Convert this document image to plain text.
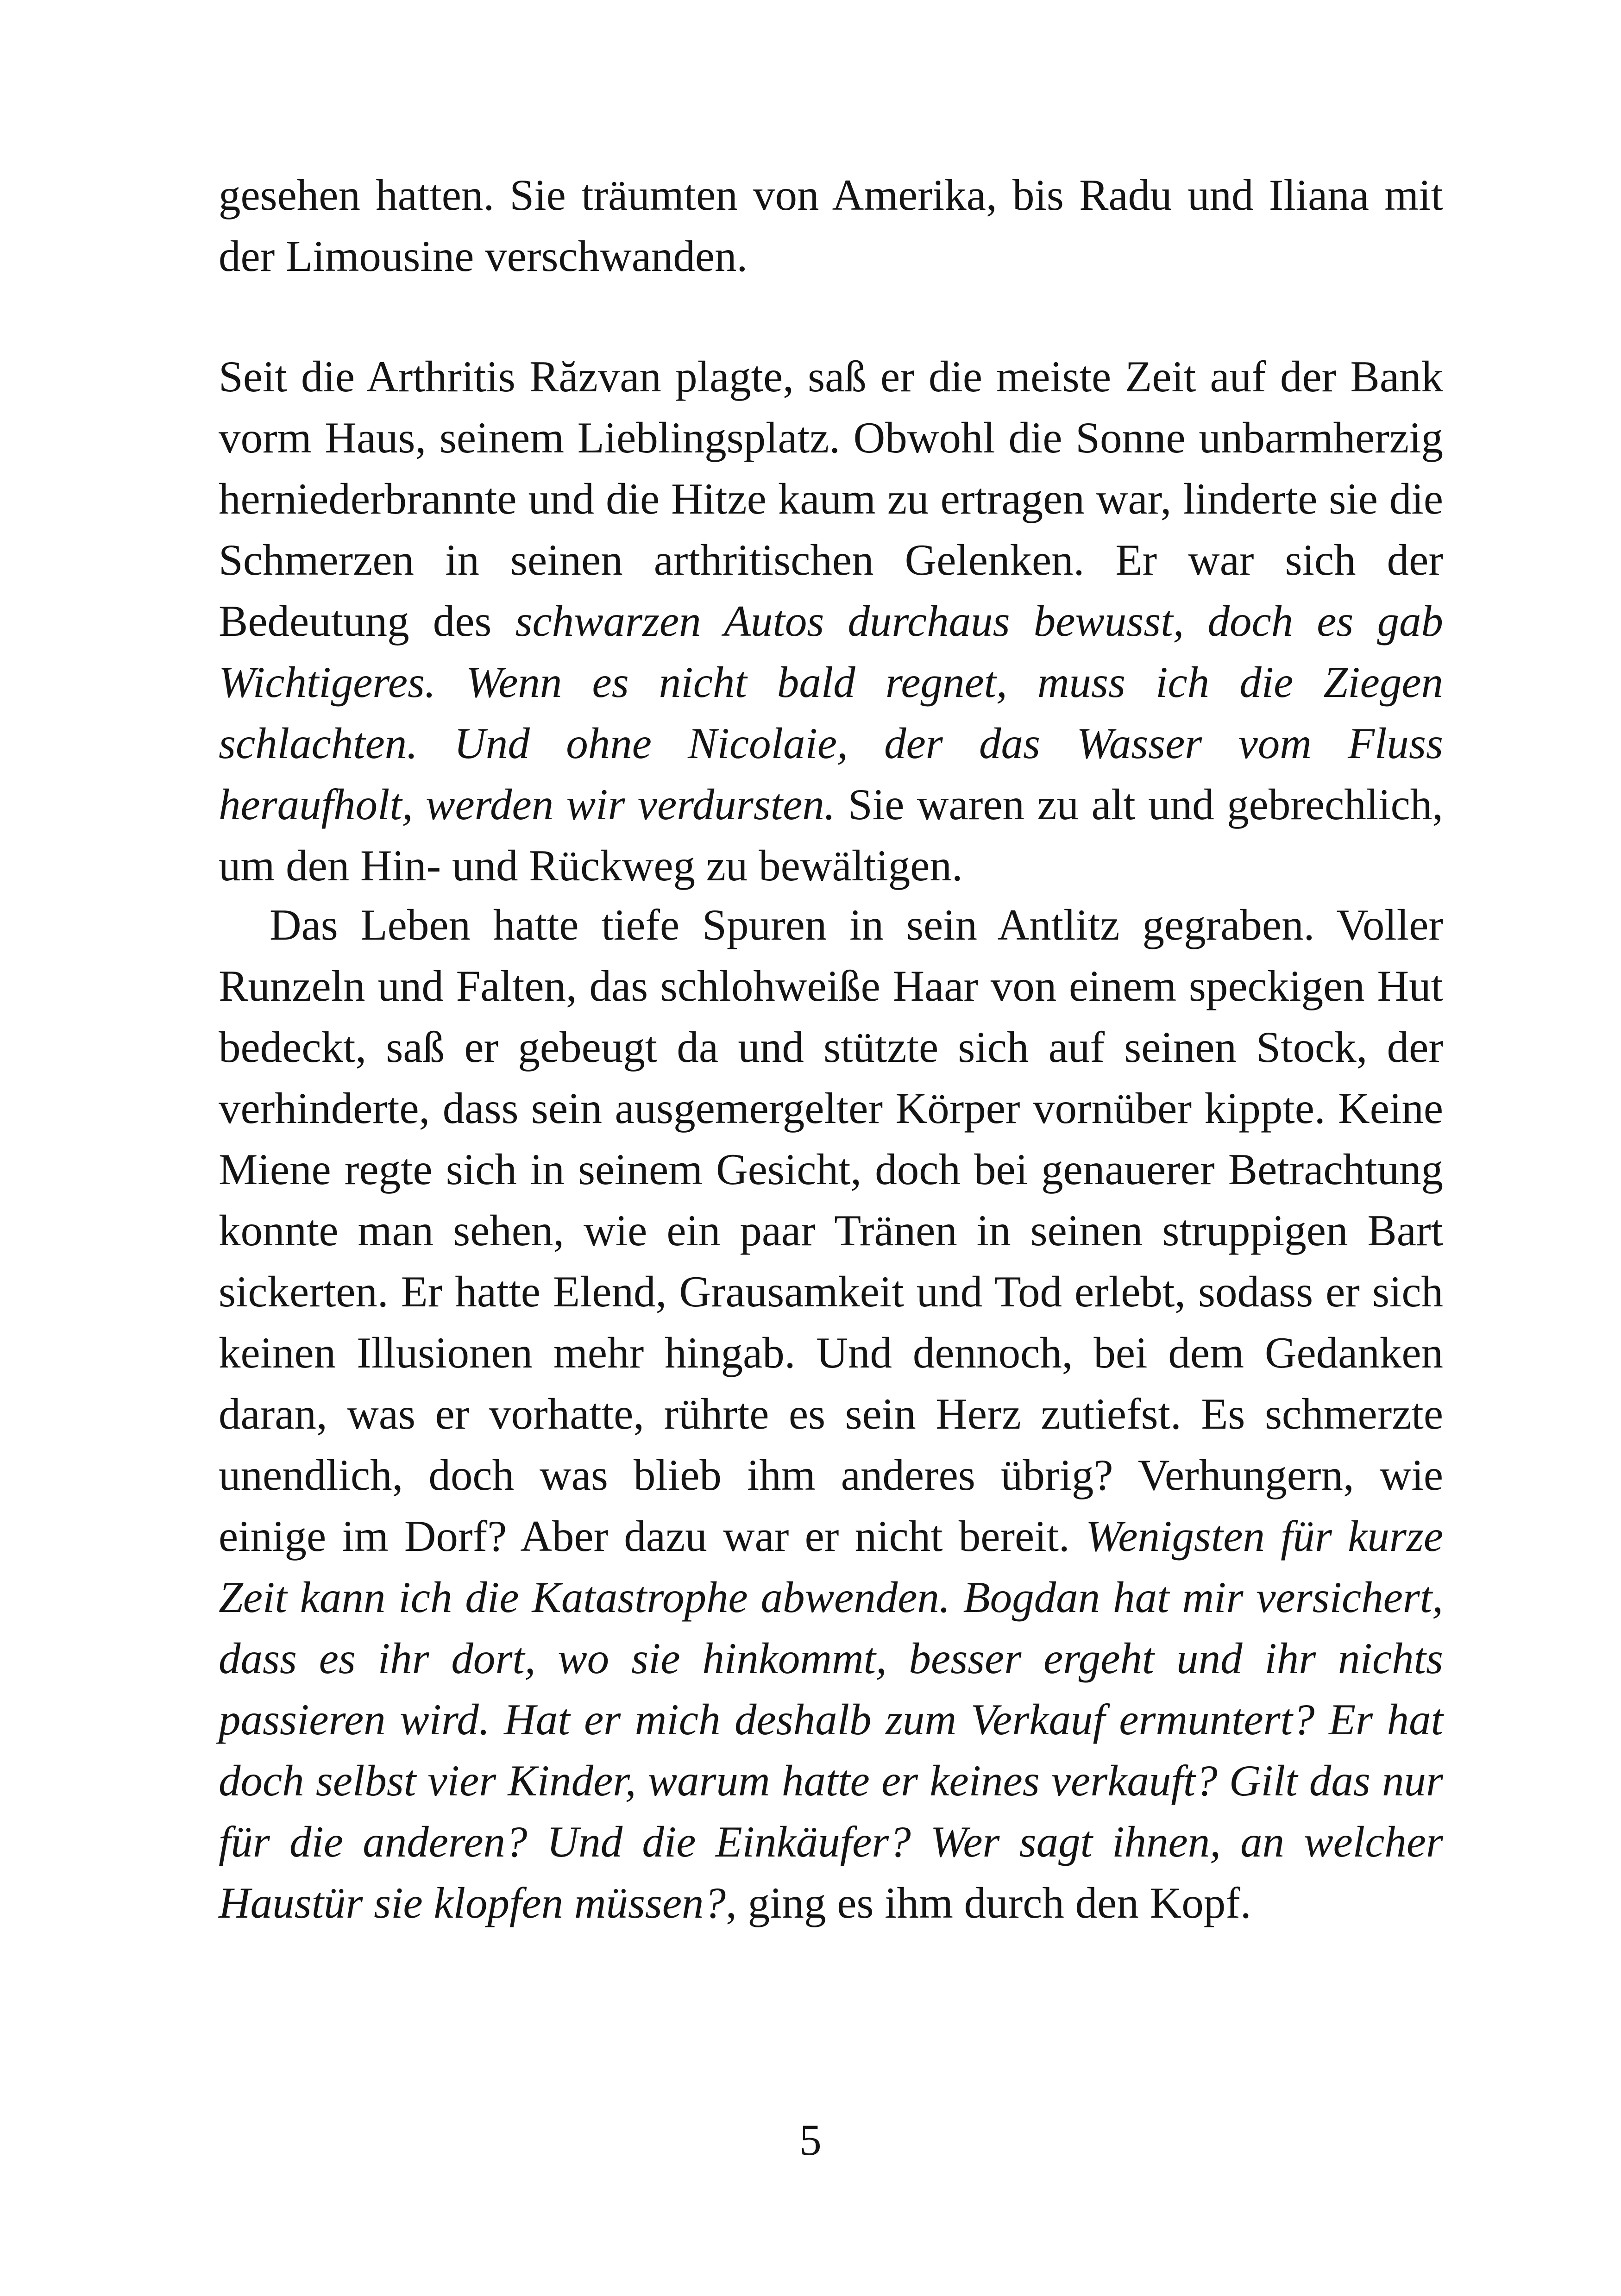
gesehen hatten. Sie träumten von Amerika, bis Radu und Iliana mit der Limousine verschwanden.

Seit die Arthritis Răzvan plagte, saß er die meiste Zeit auf der Bank vorm Haus, seinem Lieblingsplatz. Obwohl die Sonne unbarmherzig herniederbrannte und die Hitze kaum zu ertragen war, linderte sie die Schmerzen in seinen arthritischen Gelenken. Er war sich der Bedeutung des schwarzen Autos durchaus bewusst, doch es gab Wichtigeres. Wenn es nicht bald regnet, muss ich die Ziegen schlachten. Und ohne Nicolaie, der das Wasser vom Fluss heraufholt, werden wir verdursten. Sie waren zu alt und gebrechlich, um den Hin- und Rückweg zu bewältigen.

Das Leben hatte tiefe Spuren in sein Antlitz gegraben. Voller Runzeln und Falten, das schlohweiße Haar von einem speckigen Hut bedeckt, saß er gebeugt da und stützte sich auf seinen Stock, der verhinderte, dass sein ausgemergelter Körper vornüber kippte. Keine Miene regte sich in seinem Gesicht, doch bei genauerer Betrachtung konnte man sehen, wie ein paar Tränen in seinen struppigen Bart sickerten. Er hatte Elend, Grausamkeit und Tod erlebt, sodass er sich keinen Illusionen mehr hingab. Und dennoch, bei dem Gedanken daran, was er vorhatte, rührte es sein Herz zutiefst. Es schmerzte unendlich, doch was blieb ihm anderes übrig? Verhungern, wie einige im Dorf? Aber dazu war er nicht bereit. Wenigsten für kurze Zeit kann ich die Katastrophe abwenden. Bogdan hat mir versichert, dass es ihr dort, wo sie hinkommt, besser ergeht und ihr nichts passieren wird. Hat er mich deshalb zum Verkauf ermuntert? Er hat doch selbst vier Kinder, warum hatte er keines verkauft? Gilt das nur für die anderen? Und die Einkäufer? Wer sagt ihnen, an welcher Haustür sie klopfen müssen?, ging es ihm durch den Kopf.

5
